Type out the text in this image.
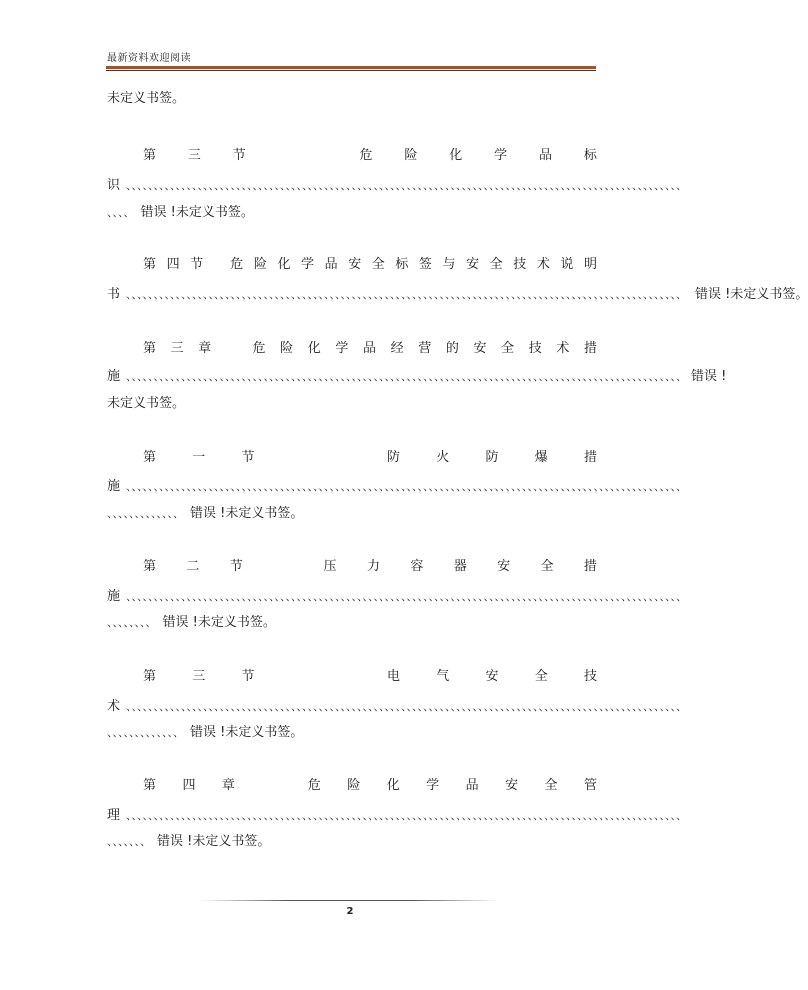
最新资料欢迎阅读
未定义书签。
第 三 节	危 险 化 学 品 标
识 、、、、、、、、、、、、、、、、、、、、、、、、、、、、、、、、、、、、、、、、、、、、、、、、、、、、、、、、、、、、、、、、、、、、、、、、、、、、、、、、、、、、、、、、、、、、、、、、、、、、、
、、、、 错误 !未定义书签。
第 四 节 危 险 化 学 品 安 全 标 签 与 安 全 技 术 说 明
书 、、、、、、、、、、、、、、、、、、、、、、、、、、、、、、、、、、、、、、、、、、、、、、、、、、、、、、、、、、、、、、、、、、、、、、、、、、、、、、、、、、、、、、、、、、、、、、、、、、、、、 错误 !未定义书签。
第 三 章	危 险 化 学 品 经 营 的 安 全 技 术 措
施 、、、、、、、、、、、、、、、、、、、、、、、、、、、、、、、、、、、、、、、、、、、、、、、、、、、、、、、、、、、、、、、、、、、、、、、、、、、、、、、、、、、、、、、、、、、、、、、、、、、、、 错误 !
未定义书签。
第	一	节	防	火	防	爆	措
施 、、、、、、、、、、、、、、、、、、、、、、、、、、、、、、、、、、、、、、、、、、、、、、、、、、、、、、、、、、、、、、、、、、、、、、、、、、、、、、、、、、、、、、、、、、、、、、、、、、、、、
、、、、、、、、、、、、、 错误 !未定义书签。
第 二 节	压 力 容 器 安 全 措
施 、、、、、、、、、、、、、、、、、、、、、、、、、、、、、、、、、、、、、、、、、、、、、、、、、、、、、、、、、、、、、、、、、、、、、、、、、、、、、、、、、、、、、、、、、、、、、、、、、、、、、
、、、、、、、、 错误 !未定义书签。
第	三	节	电	气	安	全	技
术 、、、、、、、、、、、、、、、、、、、、、、、、、、、、、、、、、、、、、、、、、、、、、、、、、、、、、、、、、、、、、、、、、、、、、、、、、、、、、、、、、、、、、、、、、、、、、、、、、、、、、
、、、、、、、、、、、、、 错误 !未定义书签。
第 四 章	危 险 化 学 品 安 全 管
理 、、、、、、、、、、、、、、、、、、、、、、、、、、、、、、、、、、、、、、、、、、、、、、、、、、、、、、、、、、、、、、、、、、、、、、、、、、、、、、、、、、、、、、、、、、、、、、、、、、、、、
、、、、、、、 错误 !未定义书签。
2
